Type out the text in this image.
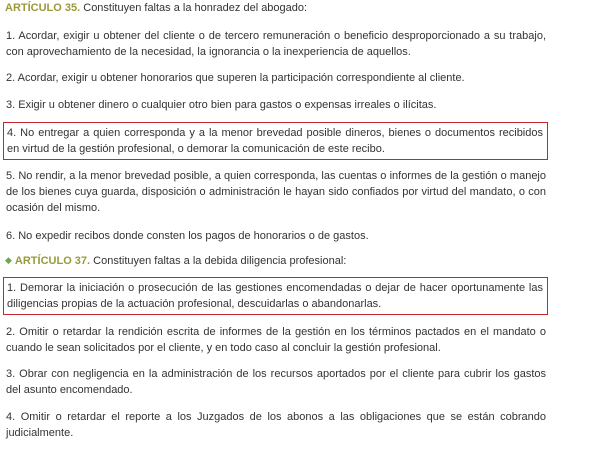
ARTÍCULO 35. Constituyen faltas a la honradez del abogado:
1. Acordar, exigir u obtener del cliente o de tercero remuneración o beneficio desproporcionado a su trabajo, con aprovechamiento de la necesidad, la ignorancia o la inexperiencia de aquellos.
2. Acordar, exigir u obtener honorarios que superen la participación correspondiente al cliente.
3. Exigir u obtener dinero o cualquier otro bien para gastos o expensas irreales o ilícitas.
4. No entregar a quien corresponda y a la menor brevedad posible dineros, bienes o documentos recibidos en virtud de la gestión profesional, o demorar la comunicación de este recibo.
5. No rendir, a la menor brevedad posible, a quien corresponda, las cuentas o informes de la gestión o manejo de los bienes cuya guarda, disposición o administración le hayan sido confiados por virtud del mandato, o con ocasión del mismo.
6. No expedir recibos donde consten los pagos de honorarios o de gastos.
◆ ARTÍCULO 37. Constituyen faltas a la debida diligencia profesional:
1. Demorar la iniciación o prosecución de las gestiones encomendadas o dejar de hacer oportunamente las diligencias propias de la actuación profesional, descuidarlas o abandonarlas.
2. Omitir o retardar la rendición escrita de informes de la gestión en los términos pactados en el mandato o cuando le sean solicitados por el cliente, y en todo caso al concluir la gestión profesional.
3. Obrar con negligencia en la administración de los recursos aportados por el cliente para cubrir los gastos del asunto encomendado.
4. Omitir o retardar el reporte a los Juzgados de los abonos a las obligaciones que se están cobrando judicialmente.
